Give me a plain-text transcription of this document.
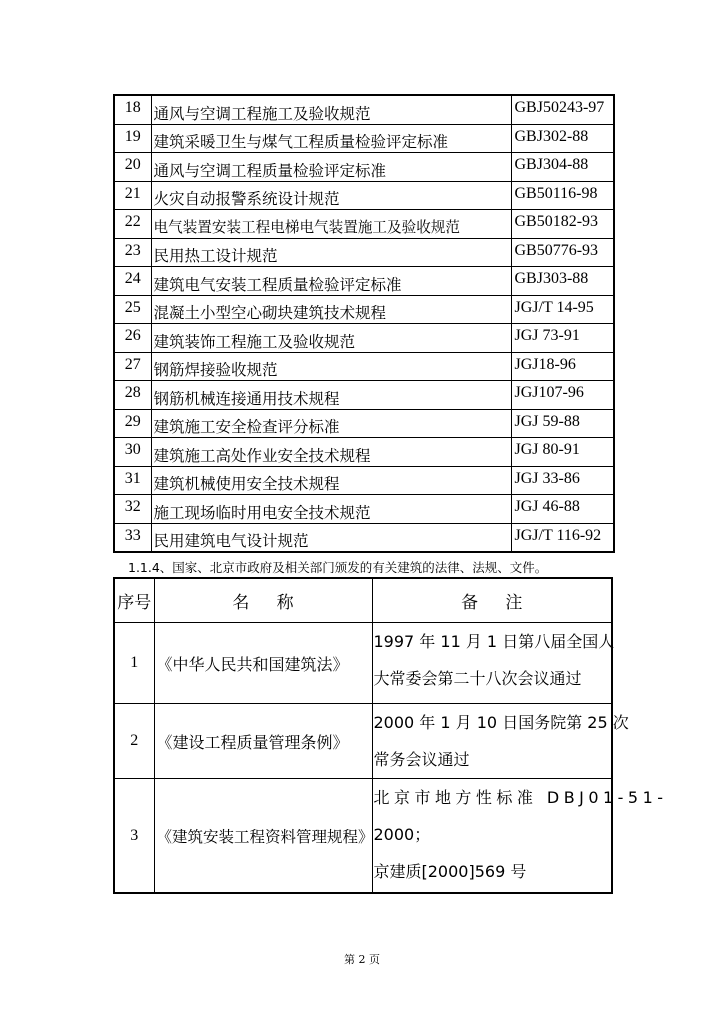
18	通风与空调工程施工及验收规范	GBJ50243-97
19	建筑采暖卫生与煤气工程质量检验评定标准	GBJ302-88
20	通风与空调工程质量检验评定标准	GBJ304-88
21	火灾自动报警系统设计规范	GB50116-98
22	电气装置安装工程电梯电气装置施工及验收规范	GB50182-93
23	民用热工设计规范	GB50776-93
24	建筑电气安装工程质量检验评定标准	GBJ303-88
25	混凝土小型空心砌块建筑技术规程	JGJ/T 14-95
26	建筑装饰工程施工及验收规范	JGJ 73-91
27	钢筋焊接验收规范	JGJ18-96
28	钢筋机械连接通用技术规程	JGJ107-96
29	建筑施工安全检查评分标准	JGJ 59-88
30	建筑施工高处作业安全技术规程	JGJ 80-91
31	建筑机械使用安全技术规程	JGJ 33-86
32	施工现场临时用电安全技术规范	JGJ 46-88
33	民用建筑电气设计规范	JGJ/T 116-92
1.1.4、国家、北京市政府及相关部门颁发的有关建筑的法律、法规、文件。
序号	名称	备注
1	《中华人民共和国建筑法》	1997 年 11 月 1 日第八届全国人
大常委会第二十八次会议通过

2	《建设工程质量管理条例》	2000 年 1 月 10 日国务院第 25 次
常务会议通过

3	《建筑安装工程资料管理规程》	北京市地方性标准 DBJ01-51-
2000；
京建质[2000]569 号
第 2 页
